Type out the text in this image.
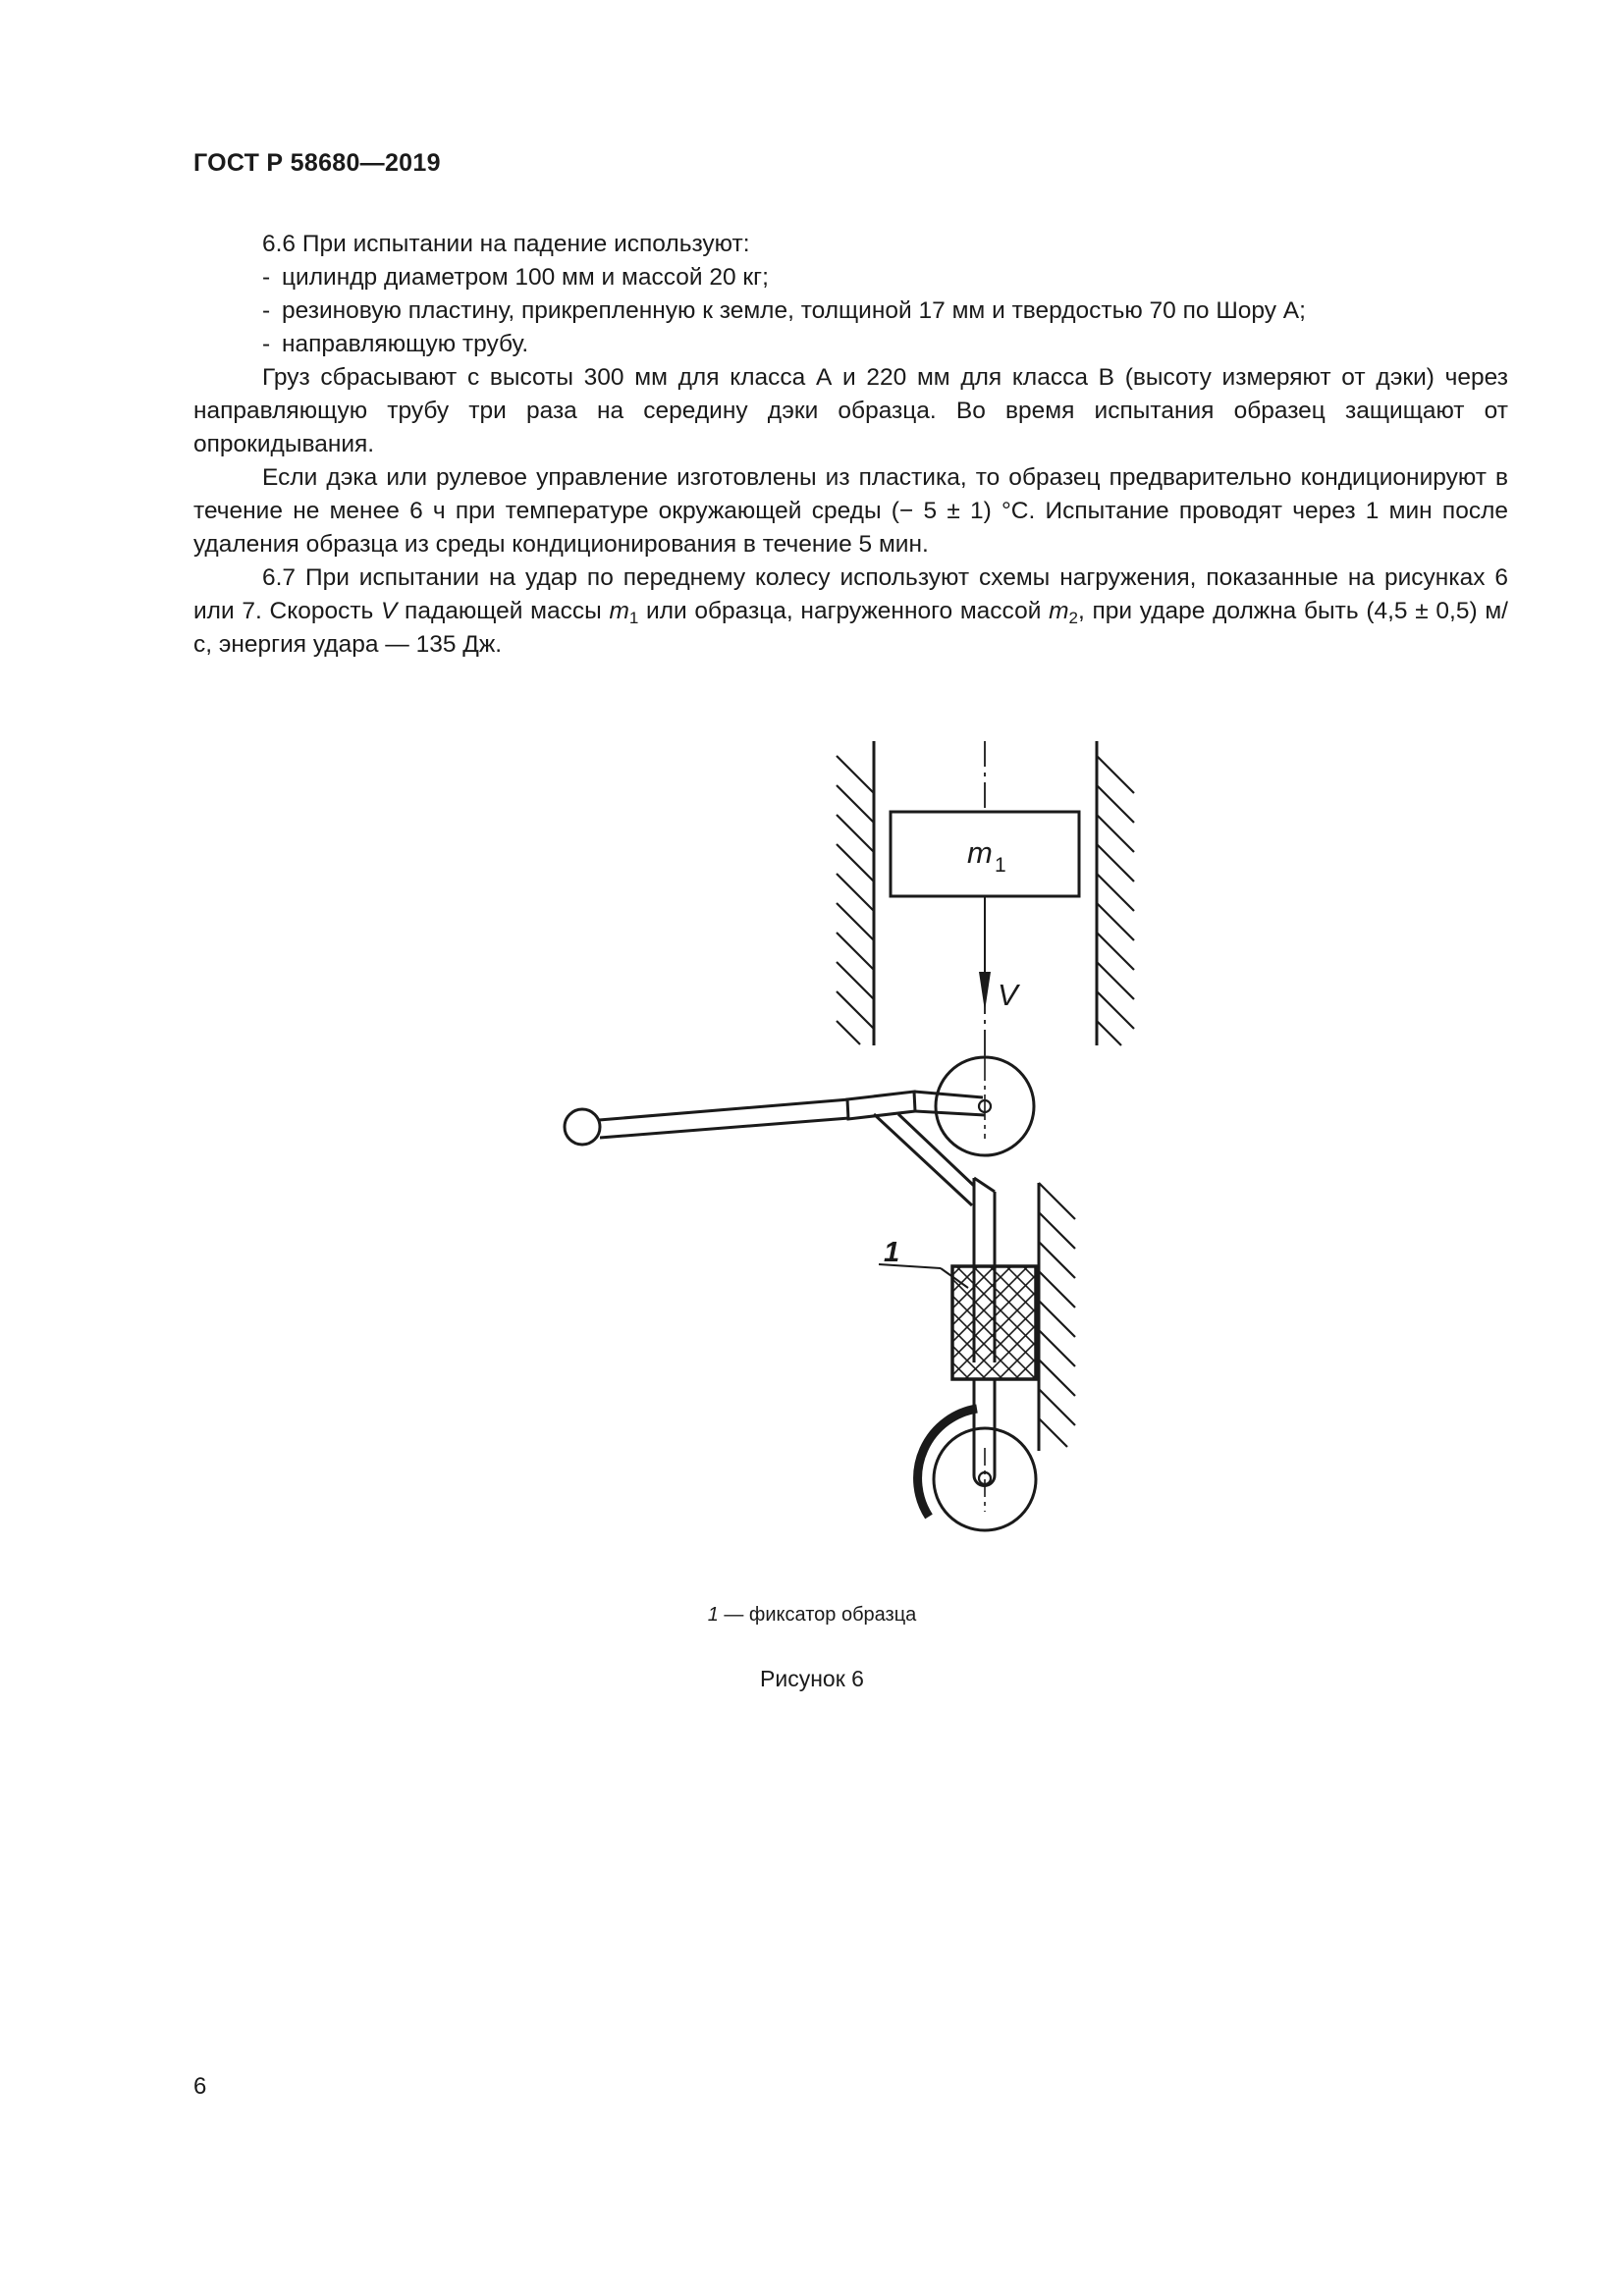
ГОСТ Р 58680—2019

6.6 При испытании на падение используют:

- цилиндр диаметром 100 мм и массой 20 кг;

- резиновую пластину, прикрепленную к земле, толщиной 17 мм и твердостью 70 по Шору А;

- направляющую трубу.

Груз сбрасывают с высоты 300 мм для класса А и 220 мм для класса В (высоту измеряют от дэки) через направляющую трубу три раза на середину дэки образца. Во время испытания образец защищают от опрокидывания.

Если дэка или рулевое управление изготовлены из пластика, то образец предварительно кондиционируют в течение не менее 6 ч при температуре окружающей среды (− 5 ± 1) °С. Испытание проводят через 1 мин после удаления образца из среды кондиционирования в течение 5 мин.

6.7 При испытании на удар по переднему колесу используют схемы нагружения, показанные на рисунках 6 или 7. Скорость V падающей массы $m_1$ или образца, нагруженного массой $m_2$, при ударе должна быть (4,5 ± 0,5) м/с, энергия удара — 135 Дж.

m 1
V
1
1 — фиксатор образца
Рисунок 6
6
